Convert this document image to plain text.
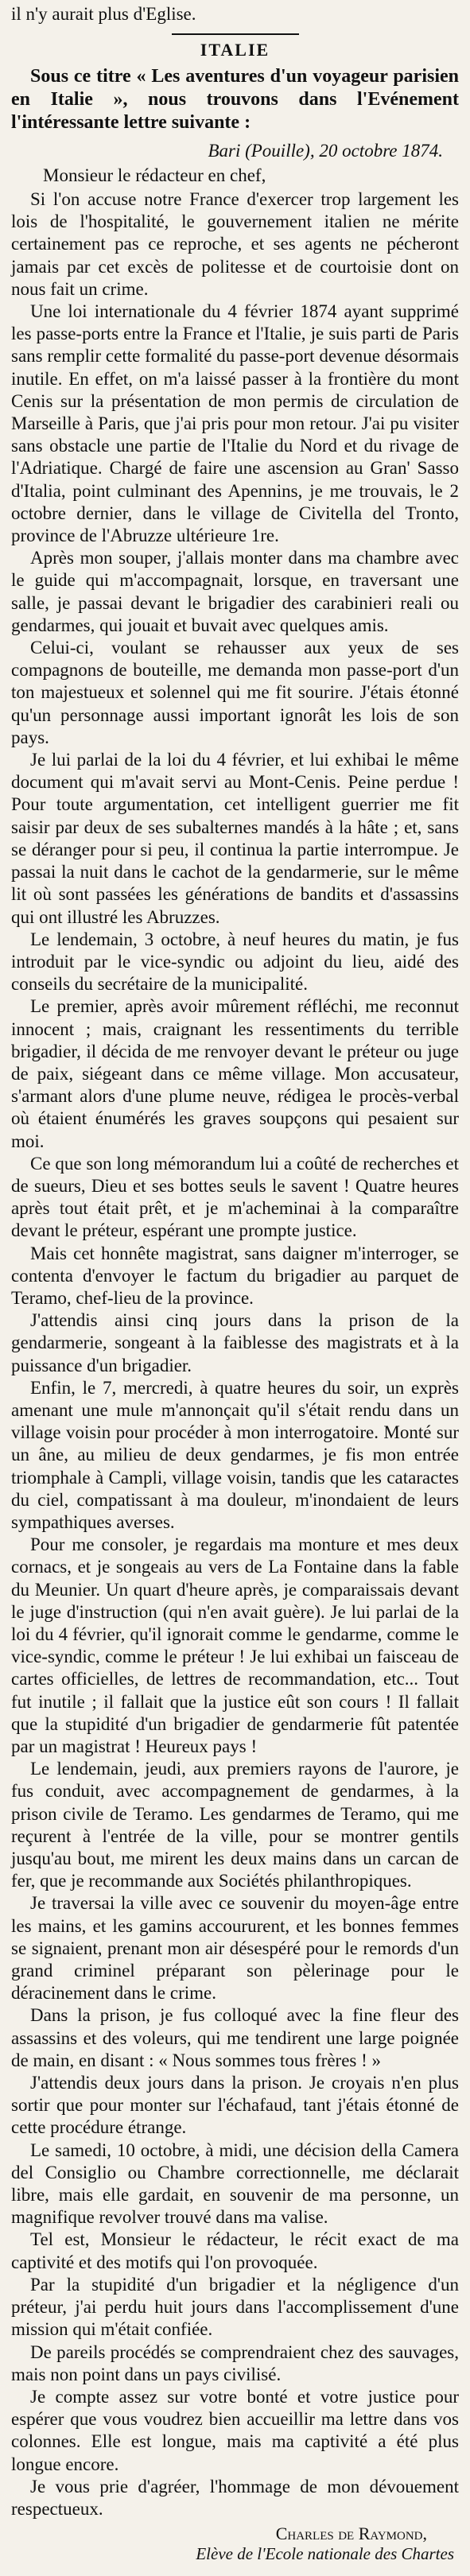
il n'y aurait plus d'Eglise.

ITALIE

Sous ce titre « Les aventures d'un voyageur parisien en Italie », nous trouvons dans l'Evénement l'intéressante lettre suivante :

Bari (Pouille), 20 octobre 1874.

Monsieur le rédacteur en chef,

Si l'on accuse notre France d'exercer trop largement les lois de l'hospitalité, le gouvernement italien ne mérite certainement pas ce reproche, et ses agents ne pécheront jamais par cet excès de politesse et de courtoisie dont on nous fait un crime.

Une loi internationale du 4 février 1874 ayant supprimé les passe-ports entre la France et l'Italie, je suis parti de Paris sans remplir cette formalité du passe-port devenue désormais inutile. En effet, on m'a laissé passer à la frontière du mont Cenis sur la présentation de mon permis de circulation de Marseille à Paris, que j'ai pris pour mon retour. J'ai pu visiter sans obstacle une partie de l'Italie du Nord et du rivage de l'Adriatique. Chargé de faire une ascension au Gran' Sasso d'Italia, point culminant des Apennins, je me trouvais, le 2 octobre dernier, dans le village de Civitella del Tronto, province de l'Abruzze ultérieure 1re.

Après mon souper, j'allais monter dans ma chambre avec le guide qui m'accompagnait, lorsque, en traversant une salle, je passai devant le brigadier des carabinieri reali ou gendarmes, qui jouait et buvait avec quelques amis.

Celui-ci, voulant se rehausser aux yeux de ses compagnons de bouteille, me demanda mon passe-port d'un ton majestueux et solennel qui me fit sourire. J'étais étonné qu'un personnage aussi important ignorât les lois de son pays.

Je lui parlai de la loi du 4 février, et lui exhibai le même document qui m'avait servi au Mont-Cenis. Peine perdue ! Pour toute argumentation, cet intelligent guerrier me fit saisir par deux de ses subalternes mandés à la hâte ; et, sans se déranger pour si peu, il continua la partie interrompue. Je passai la nuit dans le cachot de la gendarmerie, sur le même lit où sont passées les générations de bandits et d'assassins qui ont illustré les Abruzzes.

Le lendemain, 3 octobre, à neuf heures du matin, je fus introduit par le vice-syndic ou adjoint du lieu, aidé des conseils du secrétaire de la municipalité.

Le premier, après avoir mûrement réfléchi, me reconnut innocent ; mais, craignant les ressentiments du terrible brigadier, il décida de me renvoyer devant le préteur ou juge de paix, siégeant dans ce même village. Mon accusateur, s'armant alors d'une plume neuve, rédigea le procès-verbal où étaient énumérés les graves soupçons qui pesaient sur moi.

Ce que son long mémorandum lui a coûté de recherches et de sueurs, Dieu et ses bottes seuls le savent ! Quatre heures après tout était prêt, et je m'acheminai à la comparaître devant le préteur, espérant une prompte justice.

Mais cet honnête magistrat, sans daigner m'interroger, se contenta d'envoyer le factum du brigadier au parquet de Teramo, chef-lieu de la province.

J'attendis ainsi cinq jours dans la prison de la gendarmerie, songeant à la faiblesse des magistrats et à la puissance d'un brigadier.

Enfin, le 7, mercredi, à quatre heures du soir, un exprès amenant une mule m'annonçait qu'il s'était rendu dans un village voisin pour procéder à mon interrogatoire. Monté sur un âne, au milieu de deux gendarmes, je fis mon entrée triomphale à Campli, village voisin, tandis que les cataractes du ciel, compatissant à ma douleur, m'inondaient de leurs sympathiques averses.

Pour me consoler, je regardais ma monture et mes deux cornacs, et je songeais au vers de La Fontaine dans la fable du Meunier. Un quart d'heure après, je comparaissais devant le juge d'instruction (qui n'en avait guère). Je lui parlai de la loi du 4 février, qu'il ignorait comme le gendarme, comme le vice-syndic, comme le préteur ! Je lui exhibai un faisceau de cartes officielles, de lettres de recommandation, etc... Tout fut inutile ; il fallait que la justice eût son cours ! Il fallait que la stupidité d'un brigadier de gendarmerie fût patentée par un magistrat ! Heureux pays !

Le lendemain, jeudi, aux premiers rayons de l'aurore, je fus conduit, avec accompagnement de gendarmes, à la prison civile de Teramo. Les gendarmes de Teramo, qui me reçurent à l'entrée de la ville, pour se montrer gentils jusqu'au bout, me mirent les deux mains dans un carcan de fer, que je recommande aux Sociétés philanthropiques.

Je traversai la ville avec ce souvenir du moyen-âge entre les mains, et les gamins accoururent, et les bonnes femmes se signaient, prenant mon air désespéré pour le remords d'un grand criminel préparant son pèlerinage pour le déracinement dans le crime.

Dans la prison, je fus colloqué avec la fine fleur des assassins et des voleurs, qui me tendirent une large poignée de main, en disant : « Nous sommes tous frères ! »

J'attendis deux jours dans la prison. Je croyais n'en plus sortir que pour monter sur l'échafaud, tant j'étais étonné de cette procédure étrange.

Le samedi, 10 octobre, à midi, une décision della Camera del Consiglio ou Chambre correctionnelle, me déclarait libre, mais elle gardait, en souvenir de ma personne, un magnifique revolver trouvé dans ma valise.

Tel est, Monsieur le rédacteur, le récit exact de ma captivité et des motifs qui l'on provoquée.

Par la stupidité d'un brigadier et la négligence d'un préteur, j'ai perdu huit jours dans l'accomplissement d'une mission qui m'était confiée.

De pareils procédés se comprendraient chez des sauvages, mais non point dans un pays civilisé.

Je compte assez sur votre bonté et votre justice pour espérer que vous voudrez bien accueillir ma lettre dans vos colonnes. Elle est longue, mais ma captivité a été plus longue encore.

Je vous prie d'agréer, l'hommage de mon dévouement respectueux.

Charles de Raymond,

Elève de l'Ecole nationale des Chartes
